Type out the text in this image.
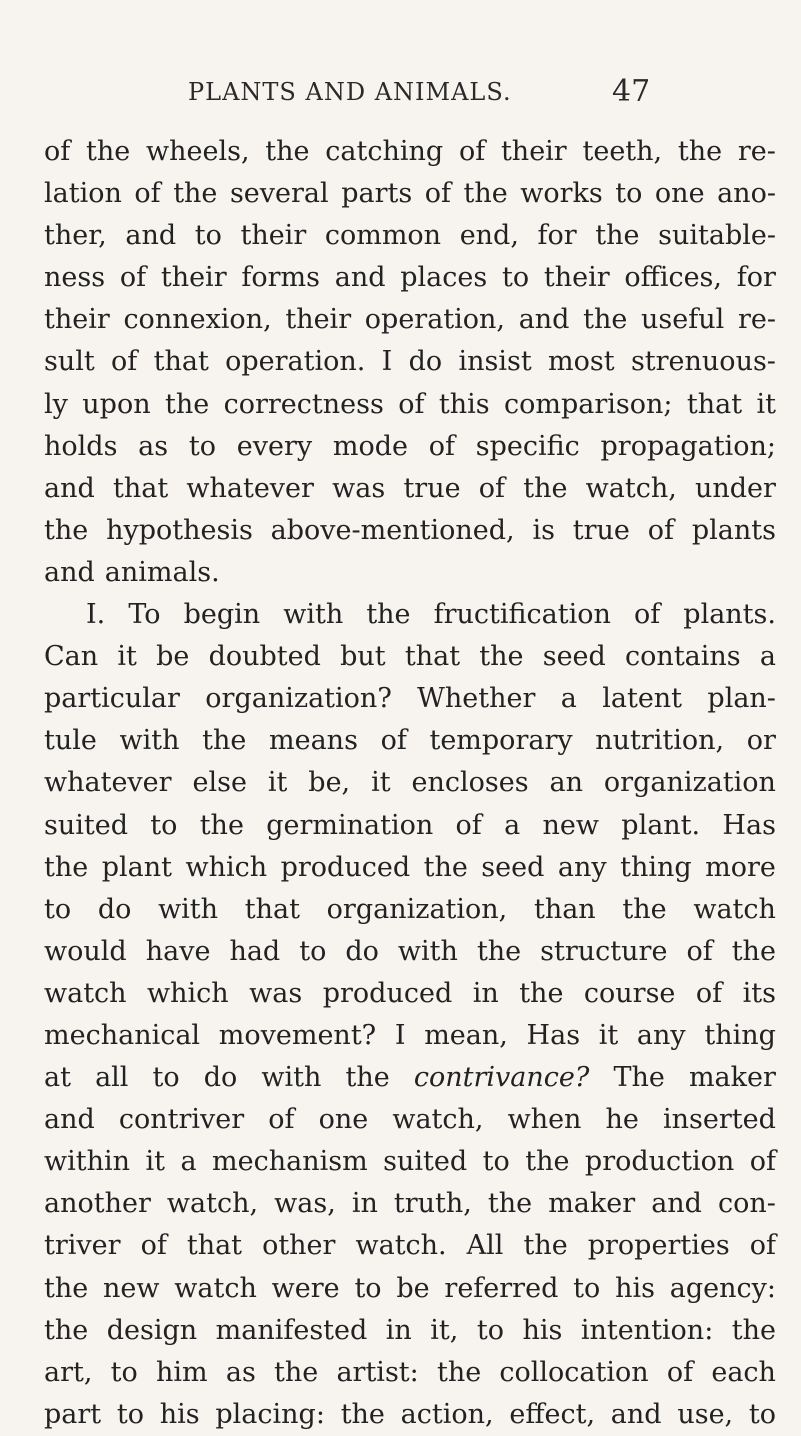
PLANTS AND ANIMALS.	47
of the wheels, the catching of their teeth, the re-
lation of the several parts of the works to one ano-
ther, and to their common end, for the suitable-
ness of their forms and places to their offices, for
their connexion, their operation, and the useful re-
sult of that operation. I do insist most strenuous-
ly upon the correctness of this comparison; that it
holds as to every mode of specific propagation;
and that whatever was true of the watch, under
the hypothesis above-mentioned, is true of plants
and animals.
I. To begin with the fructification of plants.
Can it be doubted but that the seed contains a
particular organization? Whether a latent plan-
tule with the means of temporary nutrition, or
whatever else it be, it encloses an organization
suited to the germination of a new plant. Has
the plant which produced the seed any thing more
to do with that organization, than the watch
would have had to do with the structure of the
watch which was produced in the course of its
mechanical movement? I mean, Has it any thing
at all to do with the contrivance? The maker
and contriver of one watch, when he inserted
within it a mechanism suited to the production of
another watch, was, in truth, the maker and con-
triver of that other watch. All the properties of
the new watch were to be referred to his agency:
the design manifested in it, to his intention: the
art, to him as the artist: the collocation of each
part to his placing: the action, effect, and use, to
